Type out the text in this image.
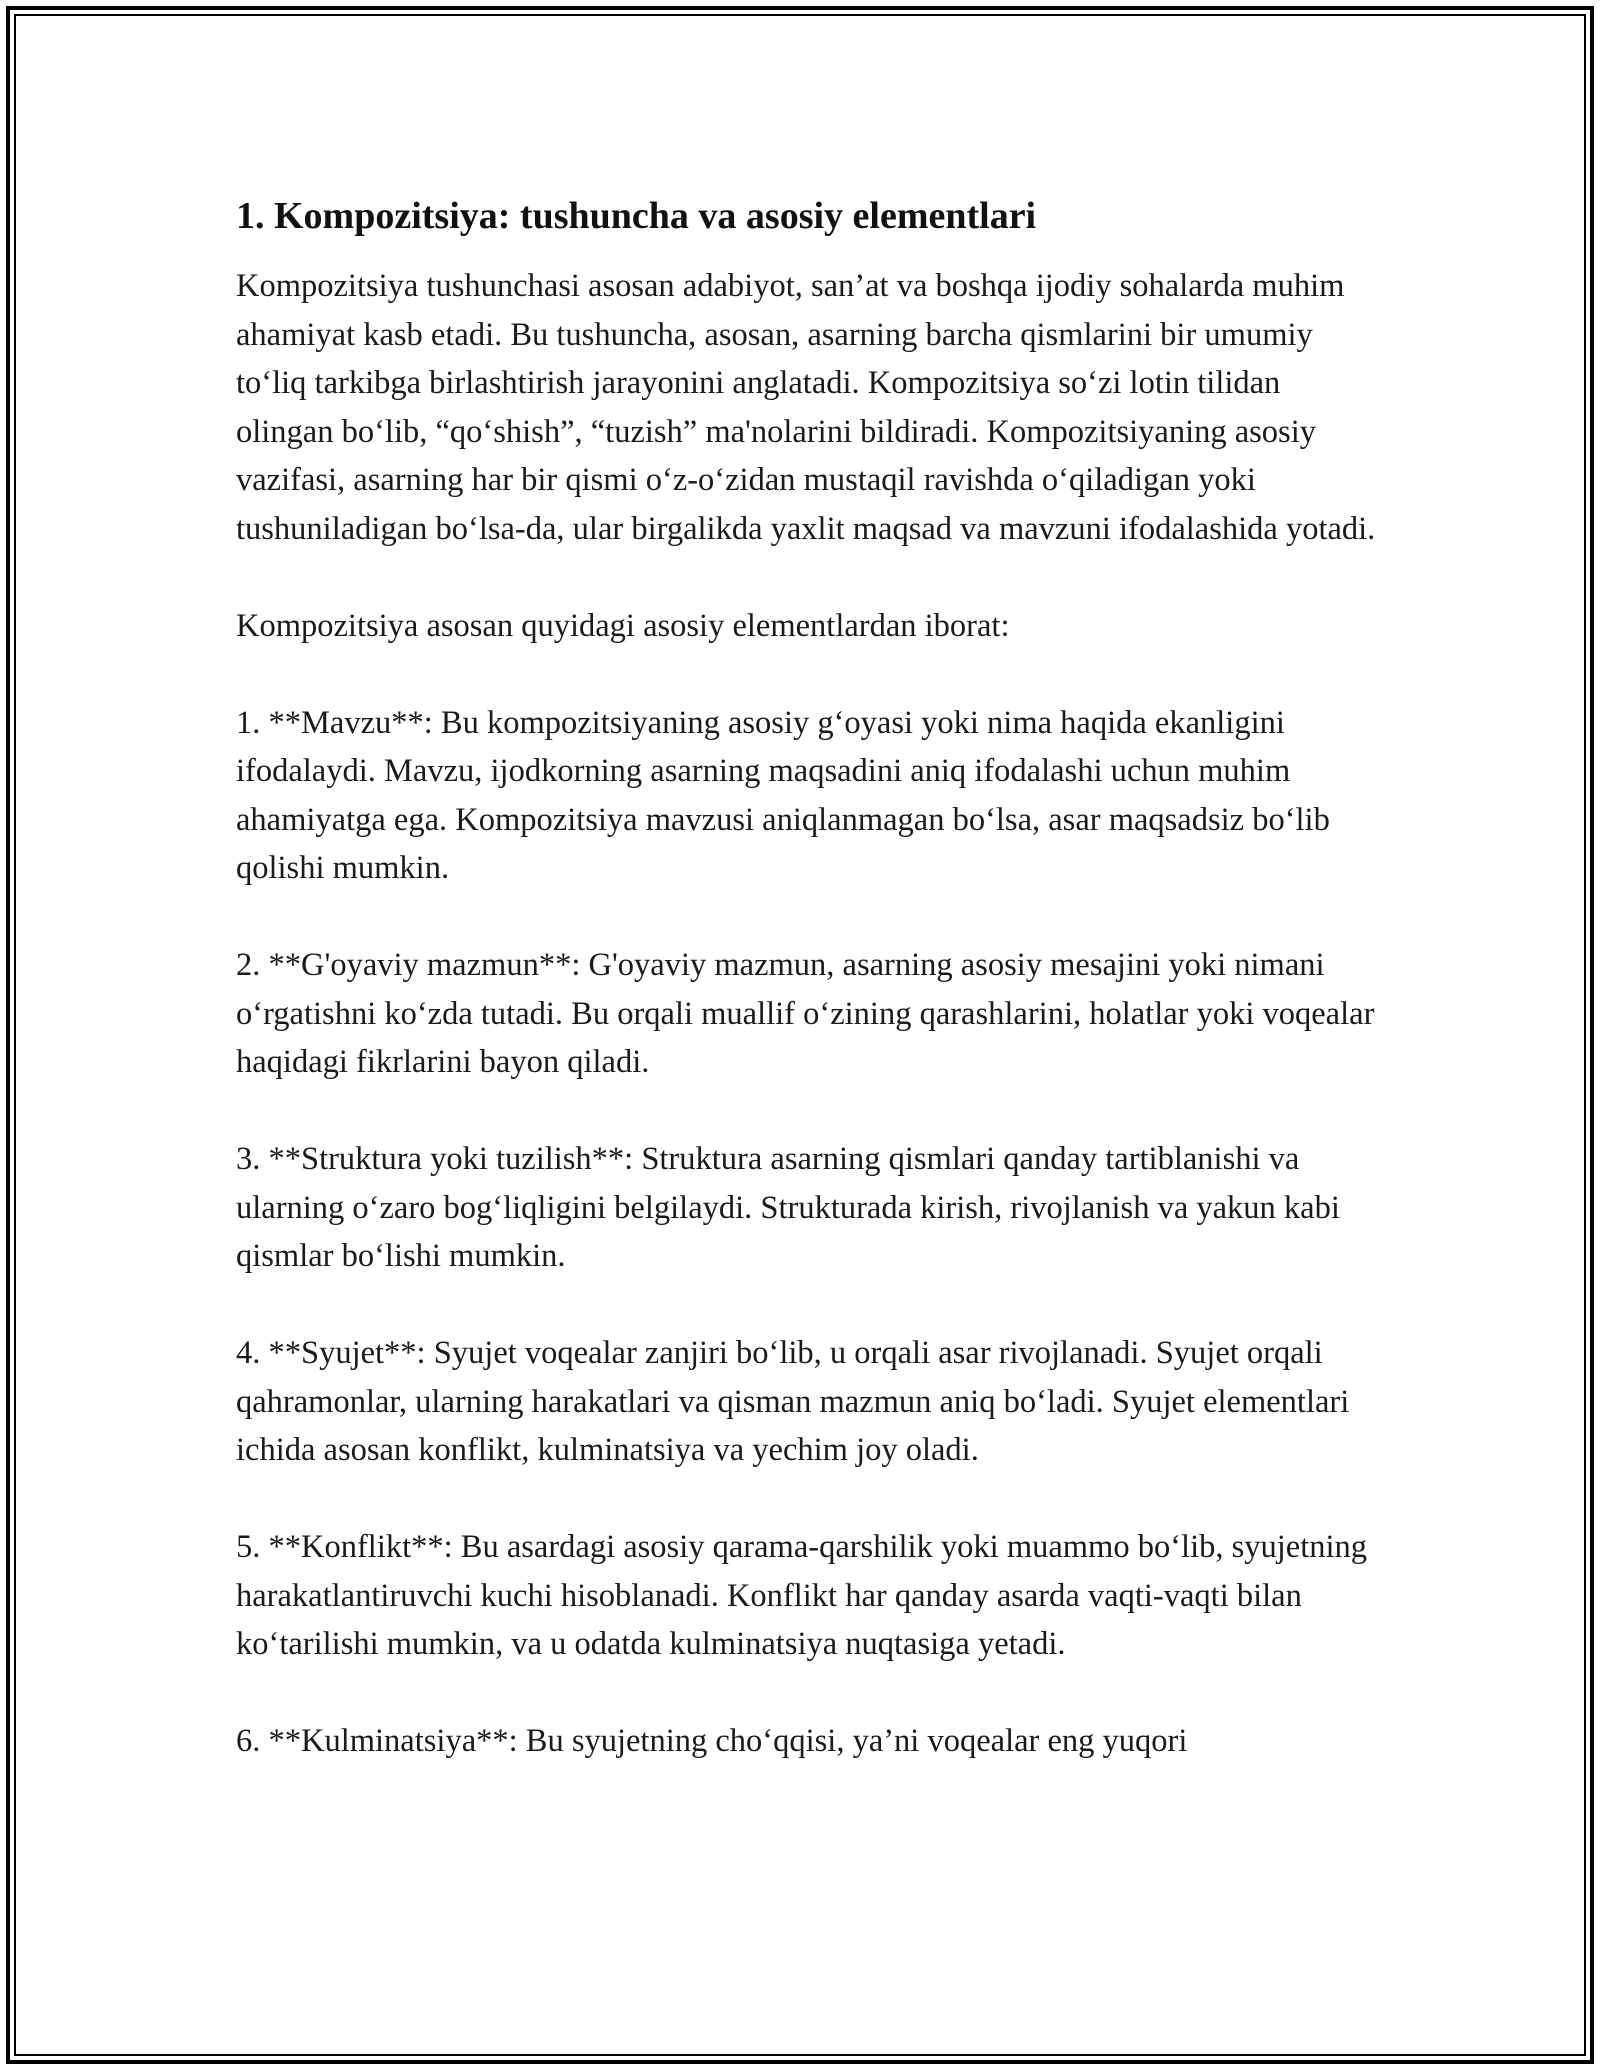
1. Kompozitsiya: tushuncha va asosiy elementlari

Kompozitsiya tushunchasi asosan adabiyot, san’at va boshqa ijodiy sohalarda muhim ahamiyat kasb etadi. Bu tushuncha, asosan, asarning barcha qismlarini bir umumiy to‘liq tarkibga birlashtirish jarayonini anglatadi. Kompozitsiya so‘zi lotin tilidan olingan bo‘lib, “qo‘shish”, “tuzish” ma'nolarini bildiradi. Kompozitsiyaning asosiy vazifasi, asarning har bir qismi o‘z-o‘zidan mustaqil ravishda o‘qiladigan yoki tushuniladigan bo‘lsa-da, ular birgalikda yaxlit maqsad va mavzuni ifodalashida yotadi.

Kompozitsiya asosan quyidagi asosiy elementlardan iborat:

1. **Mavzu**: Bu kompozitsiyaning asosiy g‘oyasi yoki nima haqida ekanligini ifodalaydi. Mavzu, ijodkorning asarning maqsadini aniq ifodalashi uchun muhim ahamiyatga ega. Kompozitsiya mavzusi aniqlanmagan bo‘lsa, asar maqsadsiz bo‘lib qolishi mumkin.

2. **G'oyaviy mazmun**: G'oyaviy mazmun, asarning asosiy mesajini yoki nimani o‘rgatishni ko‘zda tutadi. Bu orqali muallif o‘zining qarashlarini, holatlar yoki voqealar haqidagi fikrlarini bayon qiladi.

3. **Struktura yoki tuzilish**: Struktura asarning qismlari qanday tartiblanishi va ularning o‘zaro bog‘liqligini belgilaydi. Strukturada kirish, rivojlanish va yakun kabi qismlar bo‘lishi mumkin.

4. **Syujet**: Syujet voqealar zanjiri bo‘lib, u orqali asar rivojlanadi. Syujet orqali qahramonlar, ularning harakatlari va qisman mazmun aniq bo‘ladi. Syujet elementlari ichida asosan konflikt, kulminatsiya va yechim joy oladi.

5. **Konflikt**: Bu asardagi asosiy qarama-qarshilik yoki muammo bo‘lib, syujetning harakatlantiruvchi kuchi hisoblanadi. Konflikt har qanday asarda vaqti-vaqti bilan ko‘tarilishi mumkin, va u odatda kulminatsiya nuqtasiga yetadi.

6. **Kulminatsiya**: Bu syujetning cho‘qqisi, ya’ni voqealar eng yuqori
